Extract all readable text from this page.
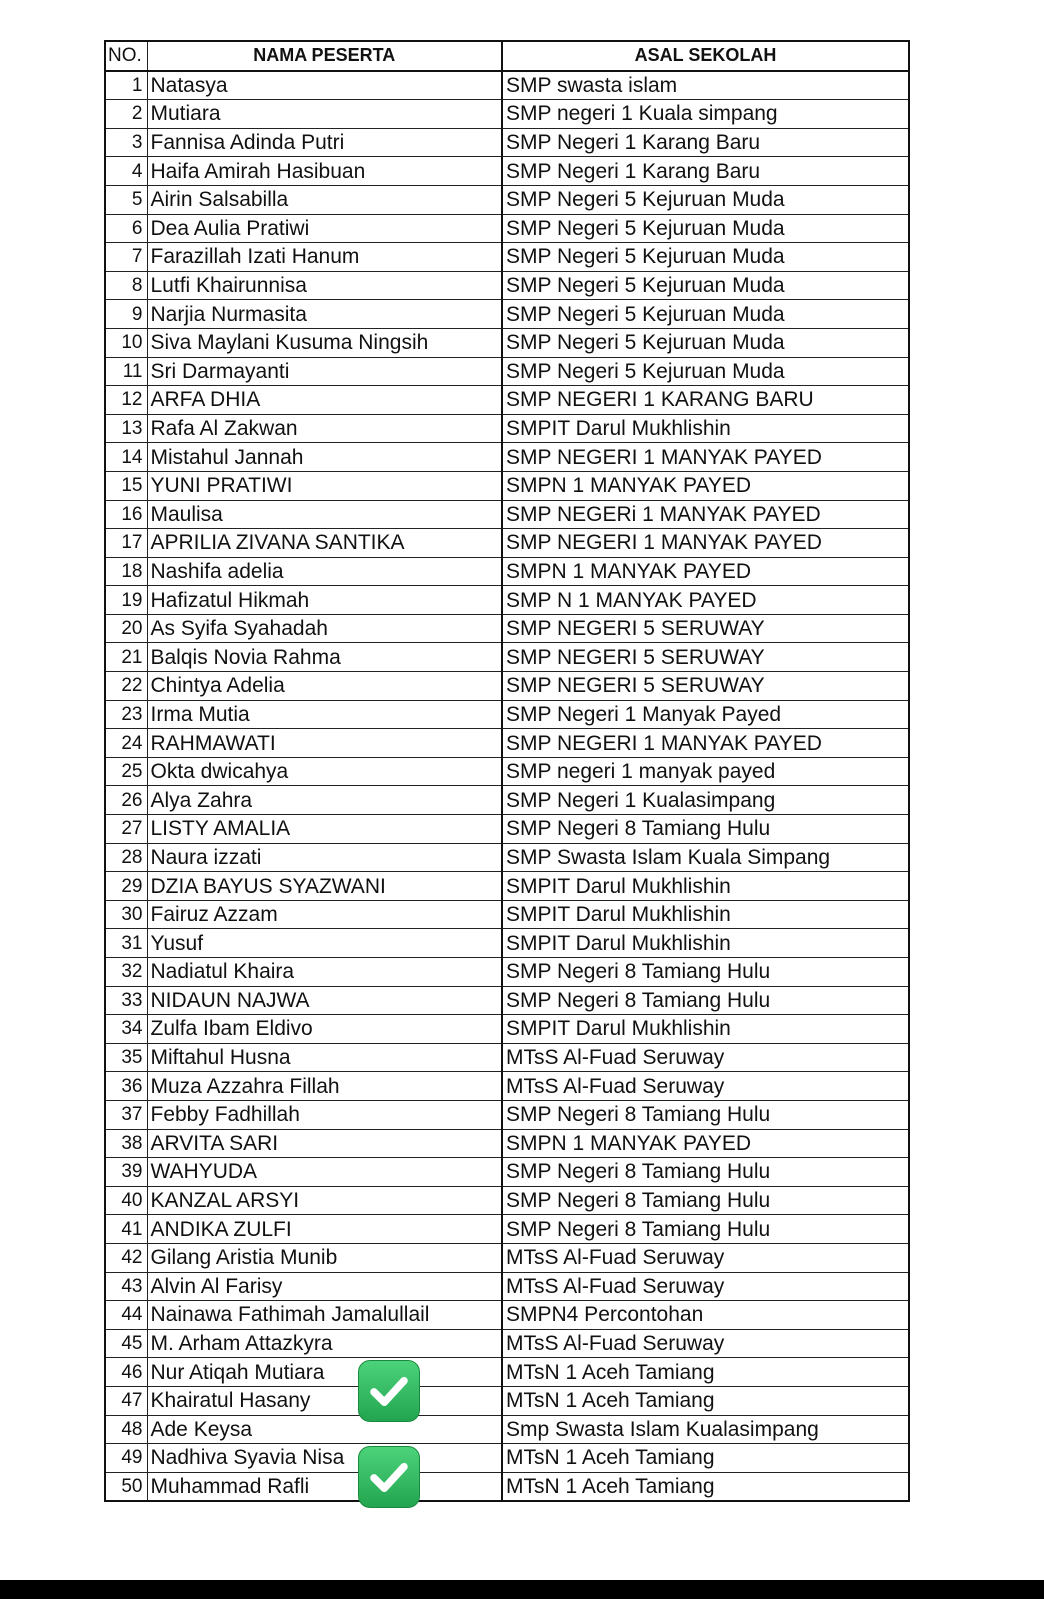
NO.	NAMA PESERTA	ASAL SEKOLAH
1	Natasya	SMP swasta islam
2	Mutiara	SMP negeri 1 Kuala simpang
3	Fannisa Adinda Putri	SMP Negeri 1 Karang Baru
4	Haifa Amirah Hasibuan	SMP Negeri 1 Karang Baru
5	Airin Salsabilla	SMP Negeri 5 Kejuruan Muda
6	Dea Aulia Pratiwi	SMP Negeri 5 Kejuruan Muda
7	Farazillah Izati Hanum	SMP Negeri 5 Kejuruan Muda
8	Lutfi Khairunnisa	SMP Negeri 5 Kejuruan Muda
9	Narjia Nurmasita	SMP Negeri 5 Kejuruan Muda
10	Siva Maylani Kusuma Ningsih	SMP Negeri 5 Kejuruan Muda
11	Sri Darmayanti	SMP Negeri 5 Kejuruan Muda
12	ARFA DHIA	SMP NEGERI 1 KARANG BARU
13	Rafa Al Zakwan	SMPIT Darul Mukhlishin
14	Mistahul Jannah	SMP NEGERI 1 MANYAK PAYED
15	YUNI PRATIWI	SMPN 1 MANYAK PAYED
16	Maulisa	SMP NEGERi 1 MANYAK PAYED
17	APRILIA ZIVANA SANTIKA	SMP NEGERI 1 MANYAK PAYED
18	Nashifa adelia	SMPN 1 MANYAK PAYED
19	Hafizatul Hikmah	SMP N 1 MANYAK PAYED
20	As Syifa Syahadah	SMP NEGERI 5 SERUWAY
21	Balqis Novia Rahma	SMP NEGERI 5 SERUWAY
22	Chintya Adelia	SMP NEGERI 5 SERUWAY
23	Irma Mutia	SMP Negeri 1 Manyak Payed
24	RAHMAWATI	SMP NEGERI 1 MANYAK PAYED
25	Okta dwicahya	SMP negeri 1 manyak payed
26	Alya Zahra	SMP Negeri 1 Kualasimpang
27	LISTY AMALIA	SMP Negeri 8 Tamiang Hulu
28	Naura izzati	SMP Swasta Islam Kuala Simpang
29	DZIA BAYUS SYAZWANI	SMPIT Darul Mukhlishin
30	Fairuz Azzam	SMPIT Darul Mukhlishin
31	Yusuf	SMPIT Darul Mukhlishin
32	Nadiatul Khaira	SMP Negeri 8 Tamiang Hulu
33	NIDAUN NAJWA	SMP Negeri 8 Tamiang Hulu
34	Zulfa Ibam Eldivo	SMPIT Darul Mukhlishin
35	Miftahul Husna	MTsS Al-Fuad Seruway
36	Muza Azzahra Fillah	MTsS Al-Fuad Seruway
37	Febby Fadhillah	SMP Negeri 8 Tamiang Hulu
38	ARVITA SARI	SMPN 1 MANYAK PAYED
39	WAHYUDA	SMP Negeri 8 Tamiang Hulu
40	KANZAL ARSYI	SMP Negeri 8 Tamiang Hulu
41	ANDIKA ZULFI	SMP Negeri 8 Tamiang Hulu
42	Gilang Aristia Munib	MTsS Al-Fuad Seruway
43	Alvin Al Farisy	MTsS Al-Fuad Seruway
44	Nainawa Fathimah Jamalullail	SMPN4 Percontohan
45	M. Arham Attazkyra	MTsS Al-Fuad Seruway
46	Nur Atiqah Mutiara	MTsN 1 Aceh Tamiang
47	Khairatul Hasany	MTsN 1 Aceh Tamiang
48	Ade Keysa	Smp Swasta Islam Kualasimpang
49	Nadhiva Syavia Nisa	MTsN 1 Aceh Tamiang
50	Muhammad Rafli	MTsN 1 Aceh Tamiang
